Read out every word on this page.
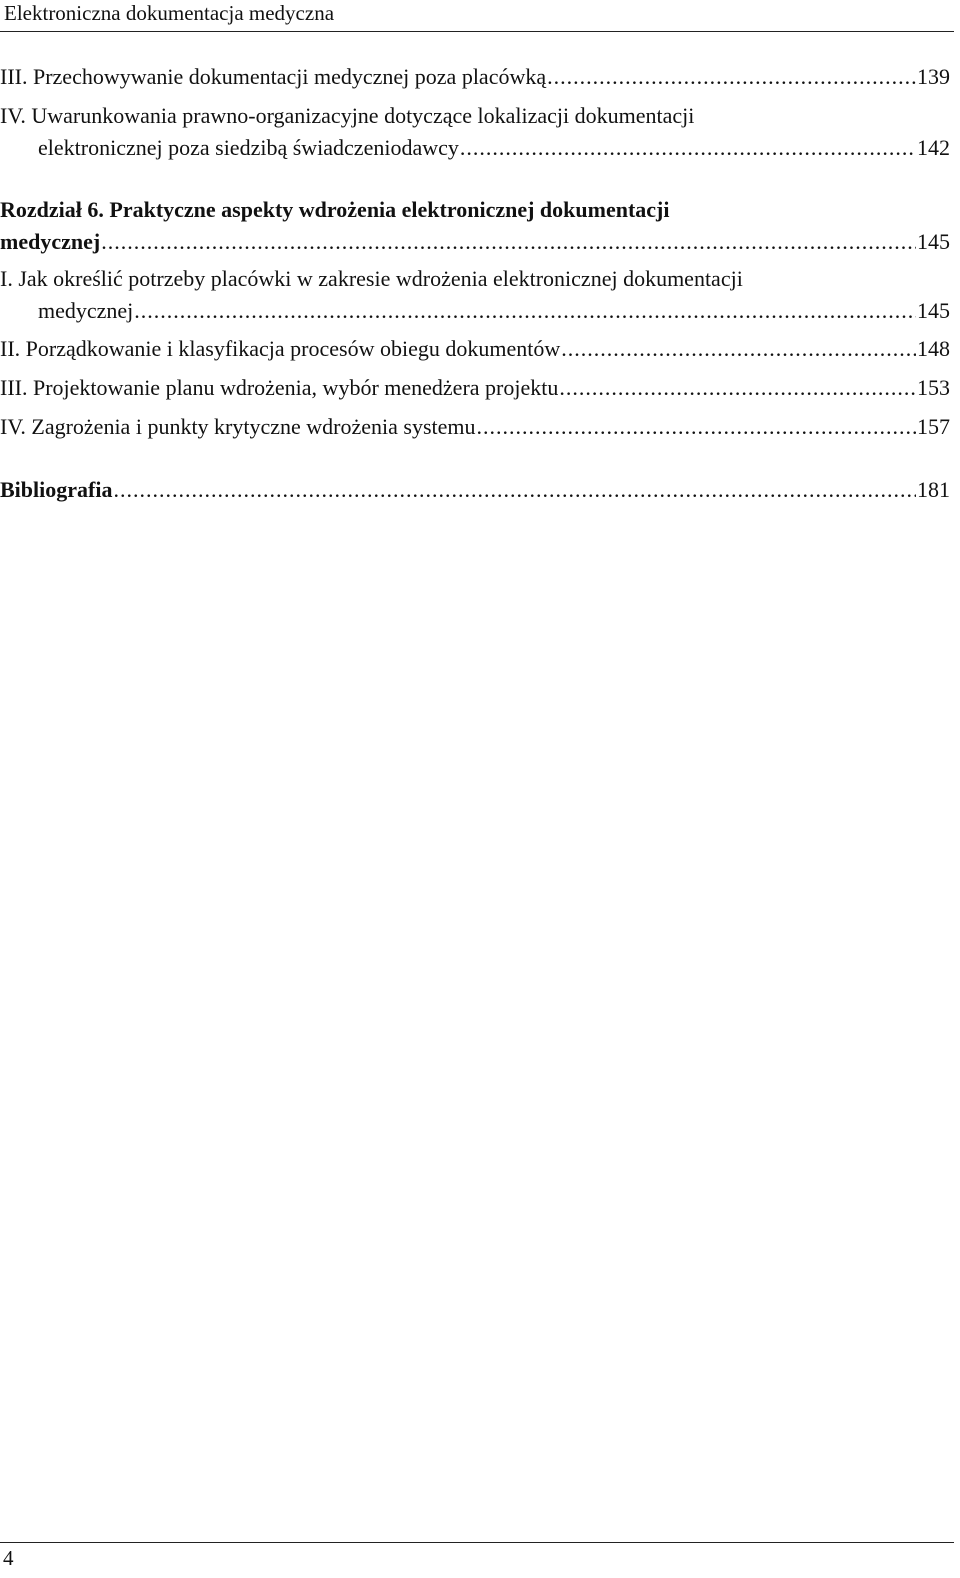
Elektroniczna dokumentacja medyczna
III. Przechowywanie dokumentacji medycznej poza placówką .....	139
IV. Uwarunkowania prawno-organizacyjne dotyczące lokalizacji dokumentacji
elektronicznej poza siedzibą świadczeniodawcy .....	142
Rozdział 6. Praktyczne aspekty wdrożenia elektronicznej dokumentacji
medycznej .....	145
I. Jak określić potrzeby placówki w zakresie wdrożenia elektronicznej dokumentacji
medycznej .....	145
II. Porządkowanie i klasyfikacja procesów obiegu dokumentów .....	148
III. Projektowanie planu wdrożenia, wybór menedżera projektu .....	153
IV. Zagrożenia i punkty krytyczne wdrożenia systemu .....	157
Bibliografia .....	181
4
